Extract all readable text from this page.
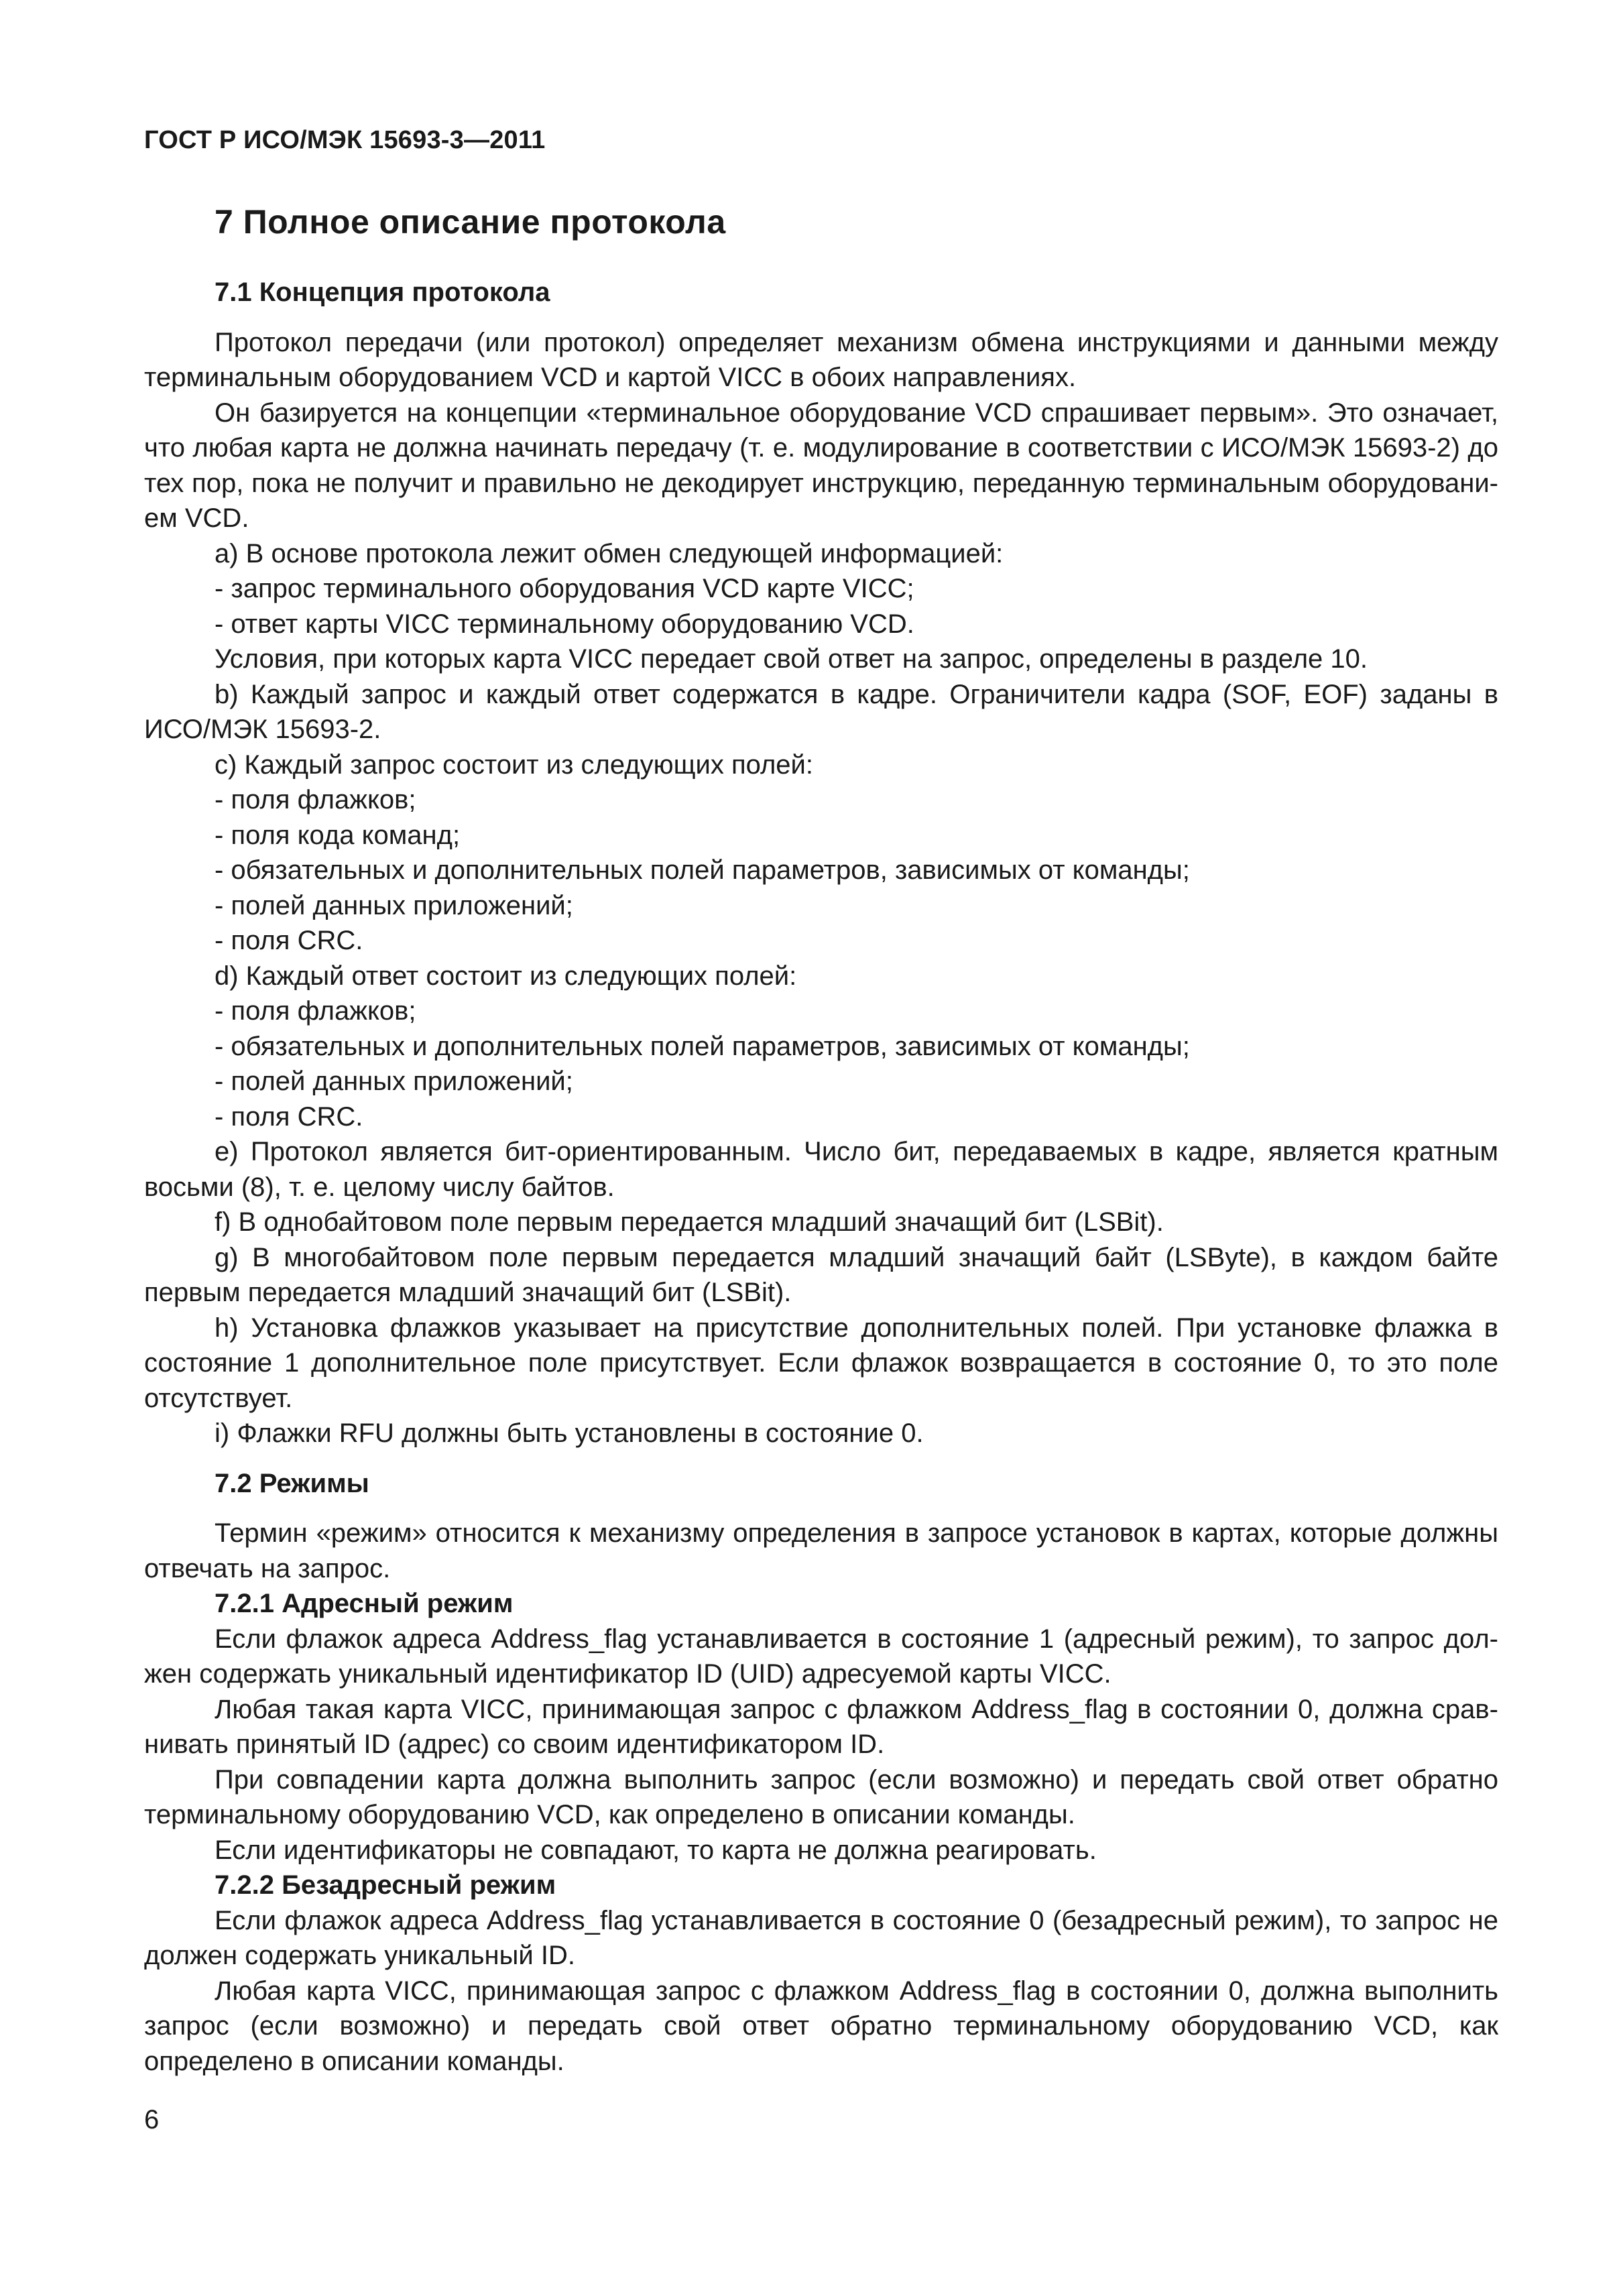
ГОСТ Р ИСО/МЭК 15693-3—2011
7 Полное описание протокола

7.1 Концепция протокола

Протокол передачи (или протокол) определяет механизм обмена инструкциями и данными между терминальным оборудованием VCD и картой VICC в обоих направлениях.

Он базируется на концепции «терминальное оборудование VCD спрашивает первым». Это означает, что любая карта не должна начинать передачу (т. е. модулирование в соответствии с ИСО/МЭК 15693-2) до тех пор, пока не получит и правильно не декодирует инструкцию, переданную терминальным оборудованием VCD.

а) В основе протокола лежит обмен следующей информацией:

- запрос терминального оборудования VCD карте VICC;

- ответ карты VICC терминальному оборудованию VCD.

Условия, при которых карта VICC передает свой ответ на запрос, определены в разделе 10.

b) Каждый запрос и каждый ответ содержатся в кадре. Ограничители кадра (SOF, EOF) заданы в ИСО/МЭК 15693-2.

с) Каждый запрос состоит из следующих полей:

- поля флажков;

- поля кода команд;

- обязательных и дополнительных полей параметров, зависимых от команды;

- полей данных приложений;

- поля CRC.

d) Каждый ответ состоит из следующих полей:

- поля флажков;

- обязательных и дополнительных полей параметров, зависимых от команды;

- полей данных приложений;

- поля CRC.

е) Протокол является бит-ориентированным. Число бит, передаваемых в кадре, является кратным восьми (8), т. е. целому числу байтов.

f) В однобайтовом поле первым передается младший значащий бит (LSBit).

g) В многобайтовом поле первым передается младший значащий байт (LSByte), в каждом байте первым передается младший значащий бит (LSBit).

h) Установка флажков указывает на присутствие дополнительных полей. При установке флажка в состояние 1 дополнительное поле присутствует. Если флажок возвращается в состояние 0, то это поле отсутствует.

i) Флажки RFU должны быть установлены в состояние 0.

7.2 Режимы

Термин «режим» относится к механизму определения в запросе установок в картах, которые должны отвечать на запрос.

7.2.1 Адресный режим

Если флажок адреса Address_flag устанавливается в состояние 1 (адресный режим), то запрос должен содержать уникальный идентификатор ID (UID) адресуемой карты VICC.

Любая такая карта VICC, принимающая запрос с флажком Address_flag в состоянии 0, должна сравнивать принятый ID (адрес) со своим идентификатором ID.

При совпадении карта должна выполнить запрос (если возможно) и передать свой ответ обратно терминальному оборудованию VCD, как определено в описании команды.

Если идентификаторы не совпадают, то карта не должна реагировать.

7.2.2 Безадресный режим

Если флажок адреса Address_flag устанавливается в состояние 0 (безадресный режим), то запрос не должен содержать уникальный ID.

Любая карта VICC, принимающая запрос с флажком Address_flag в состоянии 0, должна выполнить запрос (если возможно) и передать свой ответ обратно терминальному оборудованию VCD, как определено в описании команды.

6
